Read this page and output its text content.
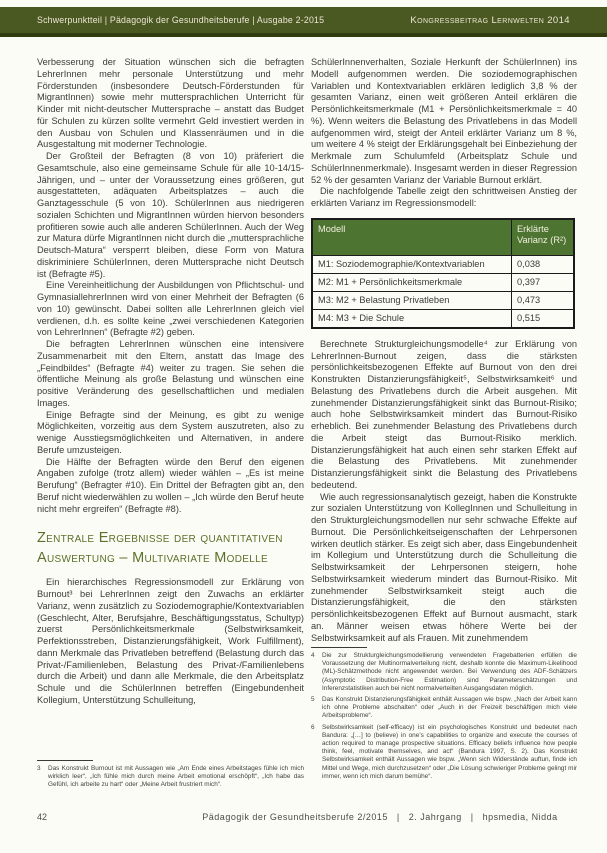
Schwerpunktteil | Pädagogik der Gesundheitsberufe | Ausgabe 2-2015	Kongressbeitrag Lernwelten 2014

Verbesserung der Situation wünschen sich die befragten LehrerInnen mehr personale Unterstützung und mehr Förderstunden (insbesondere Deutsch-Förderstunden für MigrantInnen) sowie mehr muttersprachlichen Unterricht für Kinder mit nicht-deutscher Muttersprache – anstatt das Budget für Schulen zu kürzen sollte vermehrt Geld investiert werden in den Ausbau von Schulen und Klassenräumen und in die Ausgestaltung mit moderner Technologie.

Der Großteil der Befragten (8 von 10) präferiert die Gesamtschule, also eine gemeinsame Schule für alle 10-14/15-Jährigen, und – unter der Voraussetzung eines größeren, gut ausgestatteten, adäquaten Arbeitsplatzes – auch die Ganztagesschule (5 von 10). SchülerInnen aus niedrigeren sozialen Schichten und MigrantInnen würden hiervon besonders profitieren sowie auch alle anderen SchülerInnen. Auch der Weg zur Matura dürfe MigrantInnen nicht durch die „muttersprachliche Deutsch-Matura“ versperrt bleiben, diese Form von Matura diskriminiere SchülerInnen, deren Muttersprache nicht Deutsch ist (Befragte #5).

Eine Vereinheitlichung der Ausbildungen von Pflichtschul- und GymnasiallehrerInnen wird von einer Mehrheit der Befragten (6 von 10) gewünscht. Dabei sollten alle LehrerInnen gleich viel verdienen, d.h. es sollte keine „zwei verschiedenen Kategorien von LehrerInnen“ (Befragte #2) geben.

Die befragten LehrerInnen wünschen eine intensivere Zusammenarbeit mit den Eltern, anstatt das Image des „Feindbildes“ (Befragte #4) weiter zu tragen. Sie sehen die öffentliche Meinung als große Belastung und wünschen eine positive Veränderung des gesellschaftlichen und medialen Images.

Einige Befragte sind der Meinung, es gibt zu wenige Möglichkeiten, vorzeitig aus dem System auszutreten, also zu wenige Ausstiegsmöglichkeiten und Alternativen, in andere Berufe umzusteigen.

Die Hälfte der Befragten würde den Beruf den eigenen Angaben zufolge (trotz allem) wieder wählen – „Es ist meine Berufung“ (Befragter #10). Ein Drittel der Befragten gibt an, den Beruf nicht wiederwählen zu wollen – „Ich würde den Beruf heute nicht mehr ergreifen“ (Befragte #8).

Zentrale Ergebnisse der quantitativen Auswertung – Multivariate Modelle

Ein hierarchisches Regressionsmodell zur Erklärung von Burnout³ bei LehrerInnen zeigt den Zuwachs an erklärter Varianz, wenn zusätzlich zu Soziodemographie/Kontextvariablen (Geschlecht, Alter, Berufsjahre, Beschäftigungsstatus, Schultyp) zuerst Persönlichkeitsmerkmale (Selbstwirksamkeit, Perfektionsstreben, Distanzierungsfähigkeit, Work Fulfillment), dann Merkmale das Privatleben betreffend (Belastung durch das Privat-/Familienleben, Belastung des Privat-/Familienlebens durch die Arbeit) und dann alle Merkmale, die den Arbeitsplatz Schule und die SchülerInnen betreffen (Eingebundenheit Kollegium, Unterstützung Schulleitung,

SchülerInnenverhalten, Soziale Herkunft der SchülerInnen) ins Modell aufgenommen werden. Die soziodemographischen Variablen und Kontextvariablen erklären lediglich 3,8 % der gesamten Varianz, einen weit größeren Anteil erklären die Persönlichkeitsmerkmale (M1 + Persönlichkeitsmerkmale = 40 %). Wenn weiters die Belastung des Privatlebens in das Modell aufgenommen wird, steigt der Anteil erklärter Varianz um 8 %, um weitere 4 % steigt der Erklärungsgehalt bei Einbeziehung der Merkmale zum Schulumfeld (Arbeitsplatz Schule und SchülerInnenmerkmale). Insgesamt werden in dieser Regression 52 % der gesamten Varianz der Variable Burnout erklärt.

Die nachfolgende Tabelle zeigt den schrittweisen Anstieg der erklärten Varianz im Regressionsmodell:

Modell	Erklärte Varianz (R²)
M1: Soziodemographie/Kontextvariablen	0,038
M2: M1 + Persönlichkeitsmerkmale	0,397
M3: M2 + Belastung Privatleben	0,473
M4: M3 + Die Schule	0,515

Berechnete Strukturgleichungsmodelle⁴ zur Erklärung von LehrerInnen-Burnout zeigen, dass die stärksten persönlichkeitsbezogenen Effekte auf Burnout von den drei Konstrukten Distanzierungsfähigkeit⁵, Selbstwirksamkeit⁶ und Belastung des Privatlebens durch die Arbeit ausgehen. Mit zunehmender Distanzierungsfähigkeit sinkt das Burnout-Risiko; auch hohe Selbstwirksamkeit mindert das Burnout-Risiko erheblich. Bei zunehmender Belastung des Privatlebens durch die Arbeit steigt das Burnout-Risiko merklich. Distanzierungsfähigkeit hat auch einen sehr starken Effekt auf die Belastung des Privatlebens. Mit zunehmender Distanzierungsfähigkeit sinkt die Belastung des Privatlebens bedeutend.

Wie auch regressionsanalytisch gezeigt, haben die Konstrukte zur sozialen Unterstützung von KollegInnen und Schulleitung in den Strukturgleichungsmodellen nur sehr schwache Effekte auf Burnout. Die Persönlichkeitseigenschaften der Lehrpersonen wirken deutlich stärker. Es zeigt sich aber, dass Eingebundenheit im Kollegium und Unterstützung durch die Schulleitung die Selbstwirksamkeit der Lehrpersonen steigern, hohe Selbstwirksamkeit wiederum mindert das Burnout-Risiko. Mit zunehmender Selbstwirksamkeit steigt auch die Distanzierungsfähigkeit, die den stärksten persönlichkeitsbezogenen Effekt auf Burnout ausmacht, stark an. Männer weisen etwas höhere Werte bei der Selbstwirksamkeit auf als Frauen. Mit zunehmendem

3	Das Konstrukt Burnout ist mit Aussagen wie „Am Ende eines Arbeitstages fühle ich mich wirklich leer“, „Ich fühle mich durch meine Arbeit emotional erschöpft“, „Ich habe das Gefühl, ich arbeite zu hart“ oder „Meine Arbeit frustriert mich“.
4	Die zur Strukturgleichungsmodellierung verwendeten Fragebatterien erfüllen die Voraussetzung der Multinormalverteilung nicht, deshalb konnte die Maximum-Likelihood (ML)-Schätzmethode nicht angewendet werden. Bei Verwendung des ADF-Schätzers (Asymptotic Distribution-Free Estimation) sind Parameterschätzungen und Inferenzstatistiken auch bei nicht normalverteilten Ausgangsdaten möglich.
5	Das Konstrukt Distanzierungsfähigkeit enthält Aussagen wie bspw. „Nach der Arbeit kann ich ohne Probleme abschalten“ oder „Auch in der Freizeit beschäftigen mich viele Arbeitsprobleme“.
6	Selbstwirksamkeit (self-efficacy) ist ein psychologisches Konstrukt und bedeutet nach Bandura: „[…] to (believe) in one’s capabilities to organize and execute the courses of action required to manage prospective situations. Efficacy beliefs influence how people think, feel, motivate themselves, and act“ (Bandura 1997, S. 2). Das Konstrukt Selbstwirksamkeit enthält Aussagen wie bspw. „Wenn sich Widerstände auftun, finde ich Mittel und Wege, mich durchzusetzen“ oder „Die Lösung schwieriger Probleme gelingt mir immer, wenn ich mich darum bemühe“.
42	Pädagogik der Gesundheitsberufe 2/2015   |   2. Jahrgang   |   hpsmedia, Nidda
